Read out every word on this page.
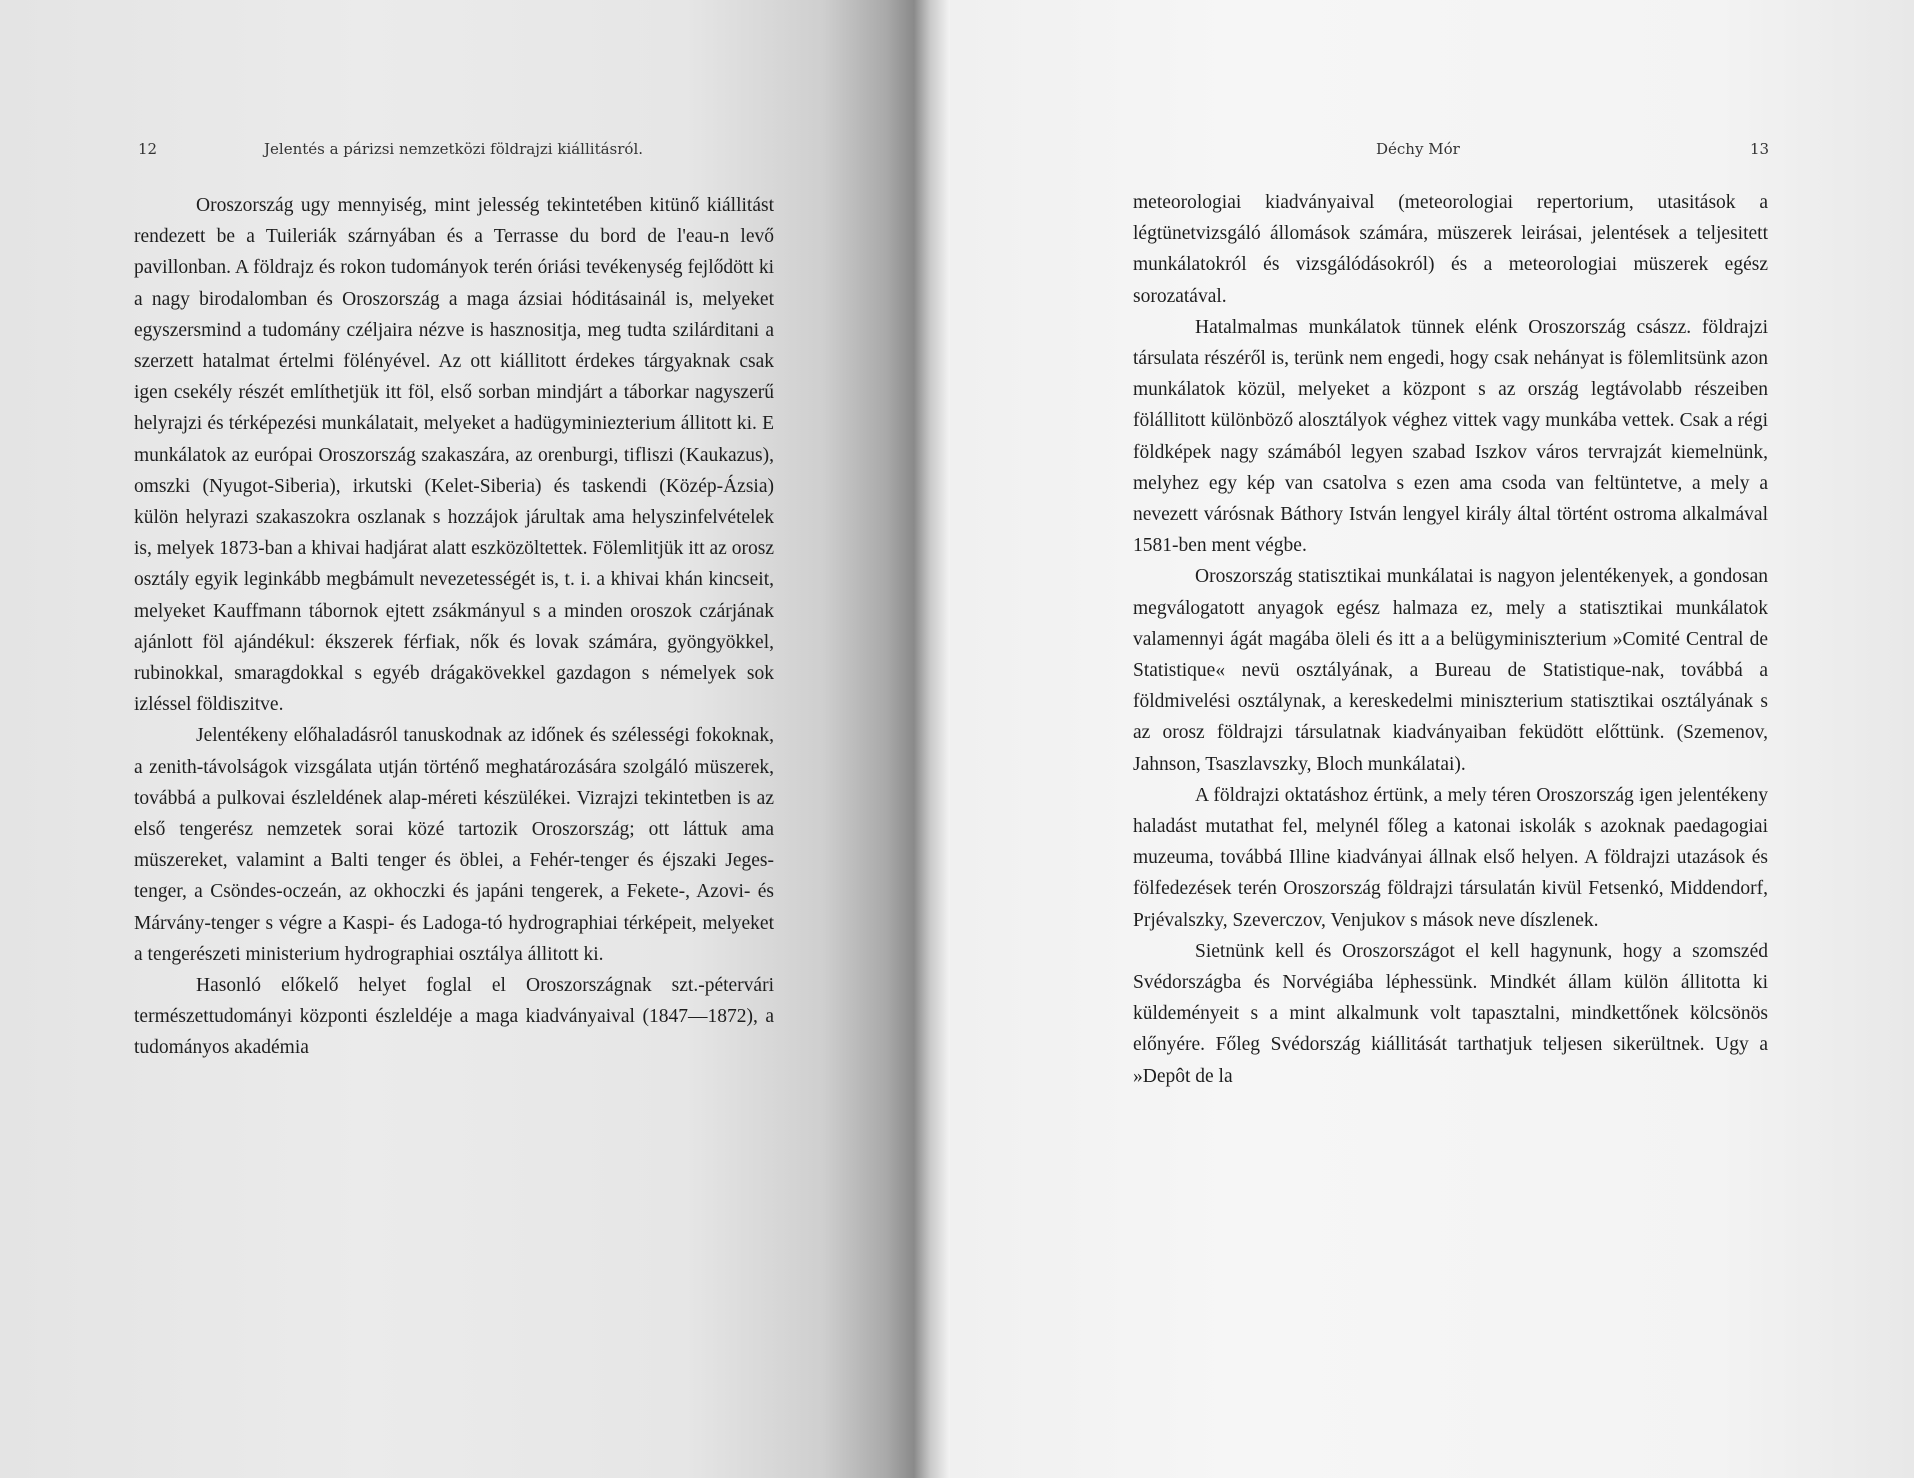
12	Jelentés a párizsi nemzetközi földrajzi kiállitásról.

Oroszország ugy mennyiség, mint jelesség tekintetében kitünő kiállitást rendezett be a Tuileriák szárnyában és a Terrasse du bord de l'eau-n levő pavillonban. A földrajz és rokon tudományok terén óriási tevékenység fejlődött ki a nagy birodalomban és Oroszország a maga ázsiai hóditásainál is, melyeket egyszersmind a tudomány czéljaira nézve is hasznositja, meg tudta szilárditani a szerzett hatalmat értelmi fölényével. Az ott kiállitott érdekes tárgyaknak csak igen csekély részét említhetjük itt föl, első sorban mindjárt a táborkar nagyszerű helyrajzi és térképezési munkálatait, melyeket a hadügyminiezterium állitott ki. E munkálatok az európai Oroszország szakaszára, az orenburgi, tifliszi (Kaukazus), omszki (Nyugot-Siberia), irkutski (Kelet-Siberia) és taskendi (Közép-Ázsia) külön helyrazi szakaszokra oszlanak s hozzájok járultak ama helyszinfelvételek is, melyek 1873-ban a khivai hadjárat alatt eszközöltettek. Fölemlitjük itt az orosz osztály egyik leginkább megbámult nevezetességét is, t. i. a khivai khán kincseit, melyeket Kauffmann tábornok ejtett zsákmányul s a minden oroszok czárjának ajánlott föl ajándékul: ékszerek férfiak, nők és lovak számára, gyöngyökkel, rubinokkal, smaragdokkal s egyéb drágakövekkel gazdagon s némelyek sok izléssel földiszitve.

Jelentékeny előhaladásról tanuskodnak az időnek és szélességi fokoknak, a zenith-távolságok vizsgálata utján történő meghatározására szolgáló müszerek, továbbá a pulkovai észleldének alap-méreti készülékei. Vizrajzi tekintetben is az első tengerész nemzetek sorai közé tartozik Oroszország; ott láttuk ama müszereket, valamint a Balti tenger és öblei, a Fehér-tenger és éjszaki Jeges-tenger, a Csöndes-oczeán, az okhoczki és japáni tengerek, a Fekete-, Azovi- és Márvány-tenger s végre a Kaspi- és Ladoga-tó hydrographiai térképeit, melyeket a tengerészeti ministerium hydrographiai osztálya állitott ki.

Hasonló előkelő helyet foglal el Oroszországnak szt.-pétervári természettudományi központi észleldéje a maga kiadványaival (1847—1872), a tudományos akadémia

Déchy Mór	13

meteorologiai kiadványaival (meteorologiai repertorium, utasitások a légtünetvizsgáló állomások számára, müszerek leirásai, jelentések a teljesitett munkálatokról és vizsgálódásokról) és a meteorologiai müszerek egész sorozatával.

Hatalmalmas munkálatok tünnek elénk Oroszország császz. földrajzi társulata részéről is, terünk nem engedi, hogy csak nehányat is fölemlitsünk azon munkálatok közül, melyeket a központ s az ország legtávolabb részeiben fölállitott különböző alosztályok véghez vittek vagy munkába vettek. Csak a régi földképek nagy számából legyen szabad Iszkov város tervrajzát kiemelnünk, melyhez egy kép van csatolva s ezen ama csoda van feltüntetve, a mely a nevezett várósnak Báthory István lengyel király által történt ostroma alkalmával 1581-ben ment végbe.

Oroszország statisztikai munkálatai is nagyon jelentékenyek, a gondosan megválogatott anyagok egész halmaza ez, mely a statisztikai munkálatok valamennyi ágát magába öleli és itt a a belügyminiszterium »Comité Central de Statistique« nevü osztályának, a Bureau de Statistique-nak, továbbá a földmivelési osztálynak, a kereskedelmi miniszterium statisztikai osztályának s az orosz földrajzi társulatnak kiadványaiban feküdött előttünk. (Szemenov, Jahnson, Tsaszlavszky, Bloch munkálatai).

A földrajzi oktatáshoz értünk, a mely téren Oroszország igen jelentékeny haladást mutathat fel, melynél főleg a katonai iskolák s azoknak paedagogiai muzeuma, továbbá Illine kiadványai állnak első helyen. A földrajzi utazások és fölfedezések terén Oroszország földrajzi társulatán kivül Fetsenkó, Middendorf, Prjévalszky, Szeverczov, Venjukov s mások neve díszlenek.

Sietnünk kell és Oroszországot el kell hagynunk, hogy a szomszéd Svédországba és Norvégiába léphessünk. Mindkét állam külön állitotta ki küldeményeit s a mint alkalmunk volt tapasztalni, mindkettőnek kölcsönös előnyére. Főleg Svédország kiállitását tarthatjuk teljesen sikerültnek. Ugy a »Depôt de la
